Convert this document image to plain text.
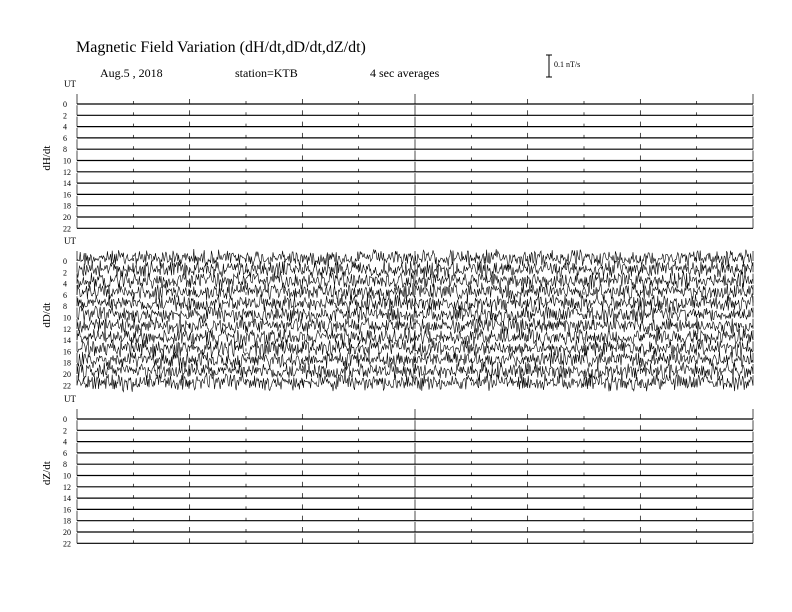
Magnetic Field Variation (dH/dt,dD/dt,dZ/dt)
Aug.5 , 2018	station=KTB	4 sec averages
0.1 nT/s
UT
dH/dt
0
2
4
6
8
10
12
14
16
18
20
22
UT
dD/dt
0
2
4
6
8
10
12
14
16
18
20
22
UT
dZ/dt
0
2
4
6
8
10
12
14
16
18
20
22
